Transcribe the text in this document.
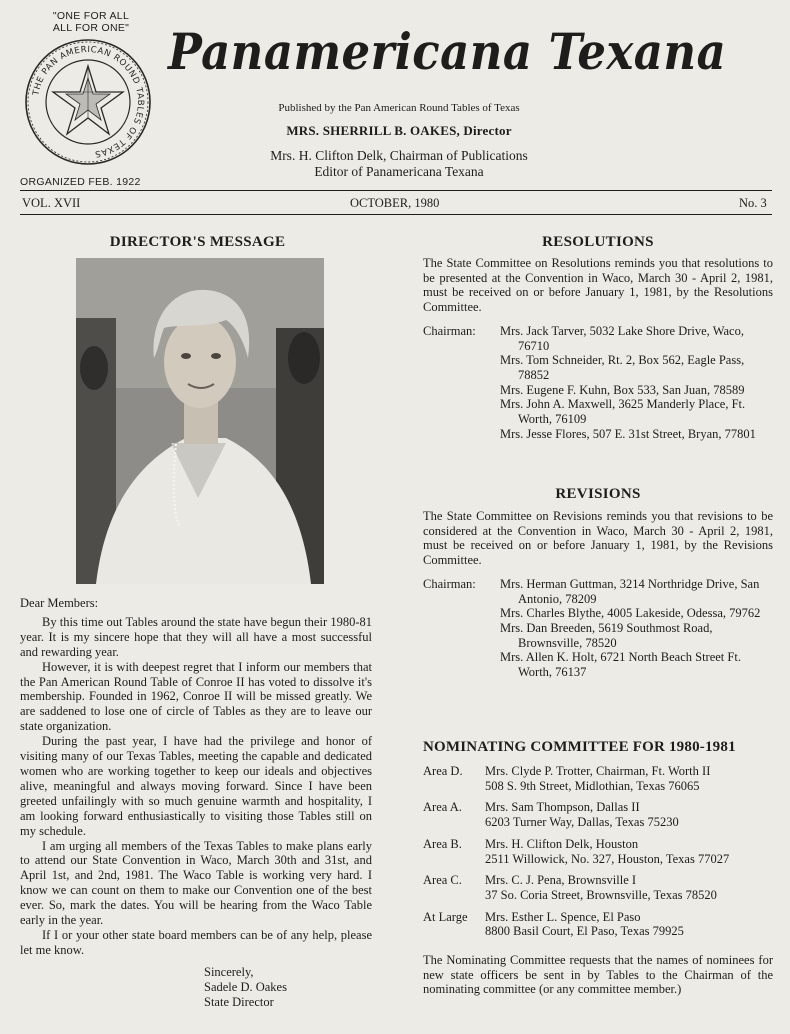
"ONE FOR ALL
ALL FOR ONE"
THE PAN AMERICAN ROUND TABLES OF TEXAS
ORGANIZED FEB. 1922
Panamericana Texana
Published by the Pan American Round Tables of Texas
MRS. SHERRILL B. OAKES, Director
Mrs. H. Clifton Delk, Chairman of Publications
Editor of Panamericana Texana
VOL. XVII	OCTOBER, 1980	No. 3
DIRECTOR'S MESSAGE

Dear Members:

By this time out Tables around the state have begun their 1980-81 year. It is my sincere hope that they will all have a most successful and rewarding year.

However, it is with deepest regret that I inform our members that the Pan American Round Table of Conroe II has voted to dissolve it's membership. Founded in 1962, Conroe II will be missed greatly. We are saddened to lose one of circle of Tables as they are to leave our state organization.

During the past year, I have had the privilege and honor of visiting many of our Texas Tables, meeting the capable and dedicated women who are working together to keep our ideals and objectives alive, meaningful and always moving forward. Since I have been greeted unfailingly with so much genuine warmth and hospitality, I am looking forward enthusiastically to visiting those Tables still on my schedule.

I am urging all members of the Texas Tables to make plans early to attend our State Convention in Waco, March 30th and 31st, and April 1st, and 2nd, 1981. The Waco Table is working very hard. I know we can count on them to make our Convention one of the best ever. So, mark the dates. You will be hearing from the Waco Table early in the year.

If I or your other state board members can be of any help, please let me know.

Sincerely,
Sadele D. Oakes
State Director
RESOLUTIONS

The State Committee on Resolutions reminds you that resolutions to be presented at the Convention in Waco, March 30 - April 2, 1981, must be received on or before January 1, 1981, by the Resolutions Committee.

Chairman:	Mrs. Jack Tarver, 5032 Lake Shore Drive, Waco, 76710
Mrs. Tom Schneider, Rt. 2, Box 562, Eagle Pass, 78852
Mrs. Eugene F. Kuhn, Box 533, San Juan, 78589
Mrs. John A. Maxwell, 3625 Manderly Place, Ft. Worth, 76109
Mrs. Jesse Flores, 507 E. 31st Street, Bryan, 77801
REVISIONS

The State Committee on Revisions reminds you that revisions to be considered at the Convention in Waco, March 30 - April 2, 1981, must be received on or before January 1, 1981, by the Revisions Committee.

Chairman:	Mrs. Herman Guttman, 3214 Northridge Drive, San Antonio, 78209
Mrs. Charles Blythe, 4005 Lakeside, Odessa, 79762
Mrs. Dan Breeden, 5619 Southmost Road, Brownsville, 78520
Mrs. Allen K. Holt, 6721 North Beach Street Ft. Worth, 76137
NOMINATING COMMITTEE FOR 1980-1981
Area D.	Mrs. Clyde P. Trotter, Chairman, Ft. Worth II
508 S. 9th Street, Midlothian, Texas 76065
Area A.	Mrs. Sam Thompson, Dallas II
6203 Turner Way, Dallas, Texas 75230
Area B.	Mrs. H. Clifton Delk, Houston
2511 Willowick, No. 327, Houston, Texas 77027
Area C.	Mrs. C. J. Pena, Brownsville I
37 So. Coria Street, Brownsville, Texas 78520
At Large	Mrs. Esther L. Spence, El Paso
8800 Basil Court, El Paso, Texas 79925
The Nominating Committee requests that the names of nominees for new state officers be sent in by Tables to the Chairman of the nominating committee (or any committee member.)
